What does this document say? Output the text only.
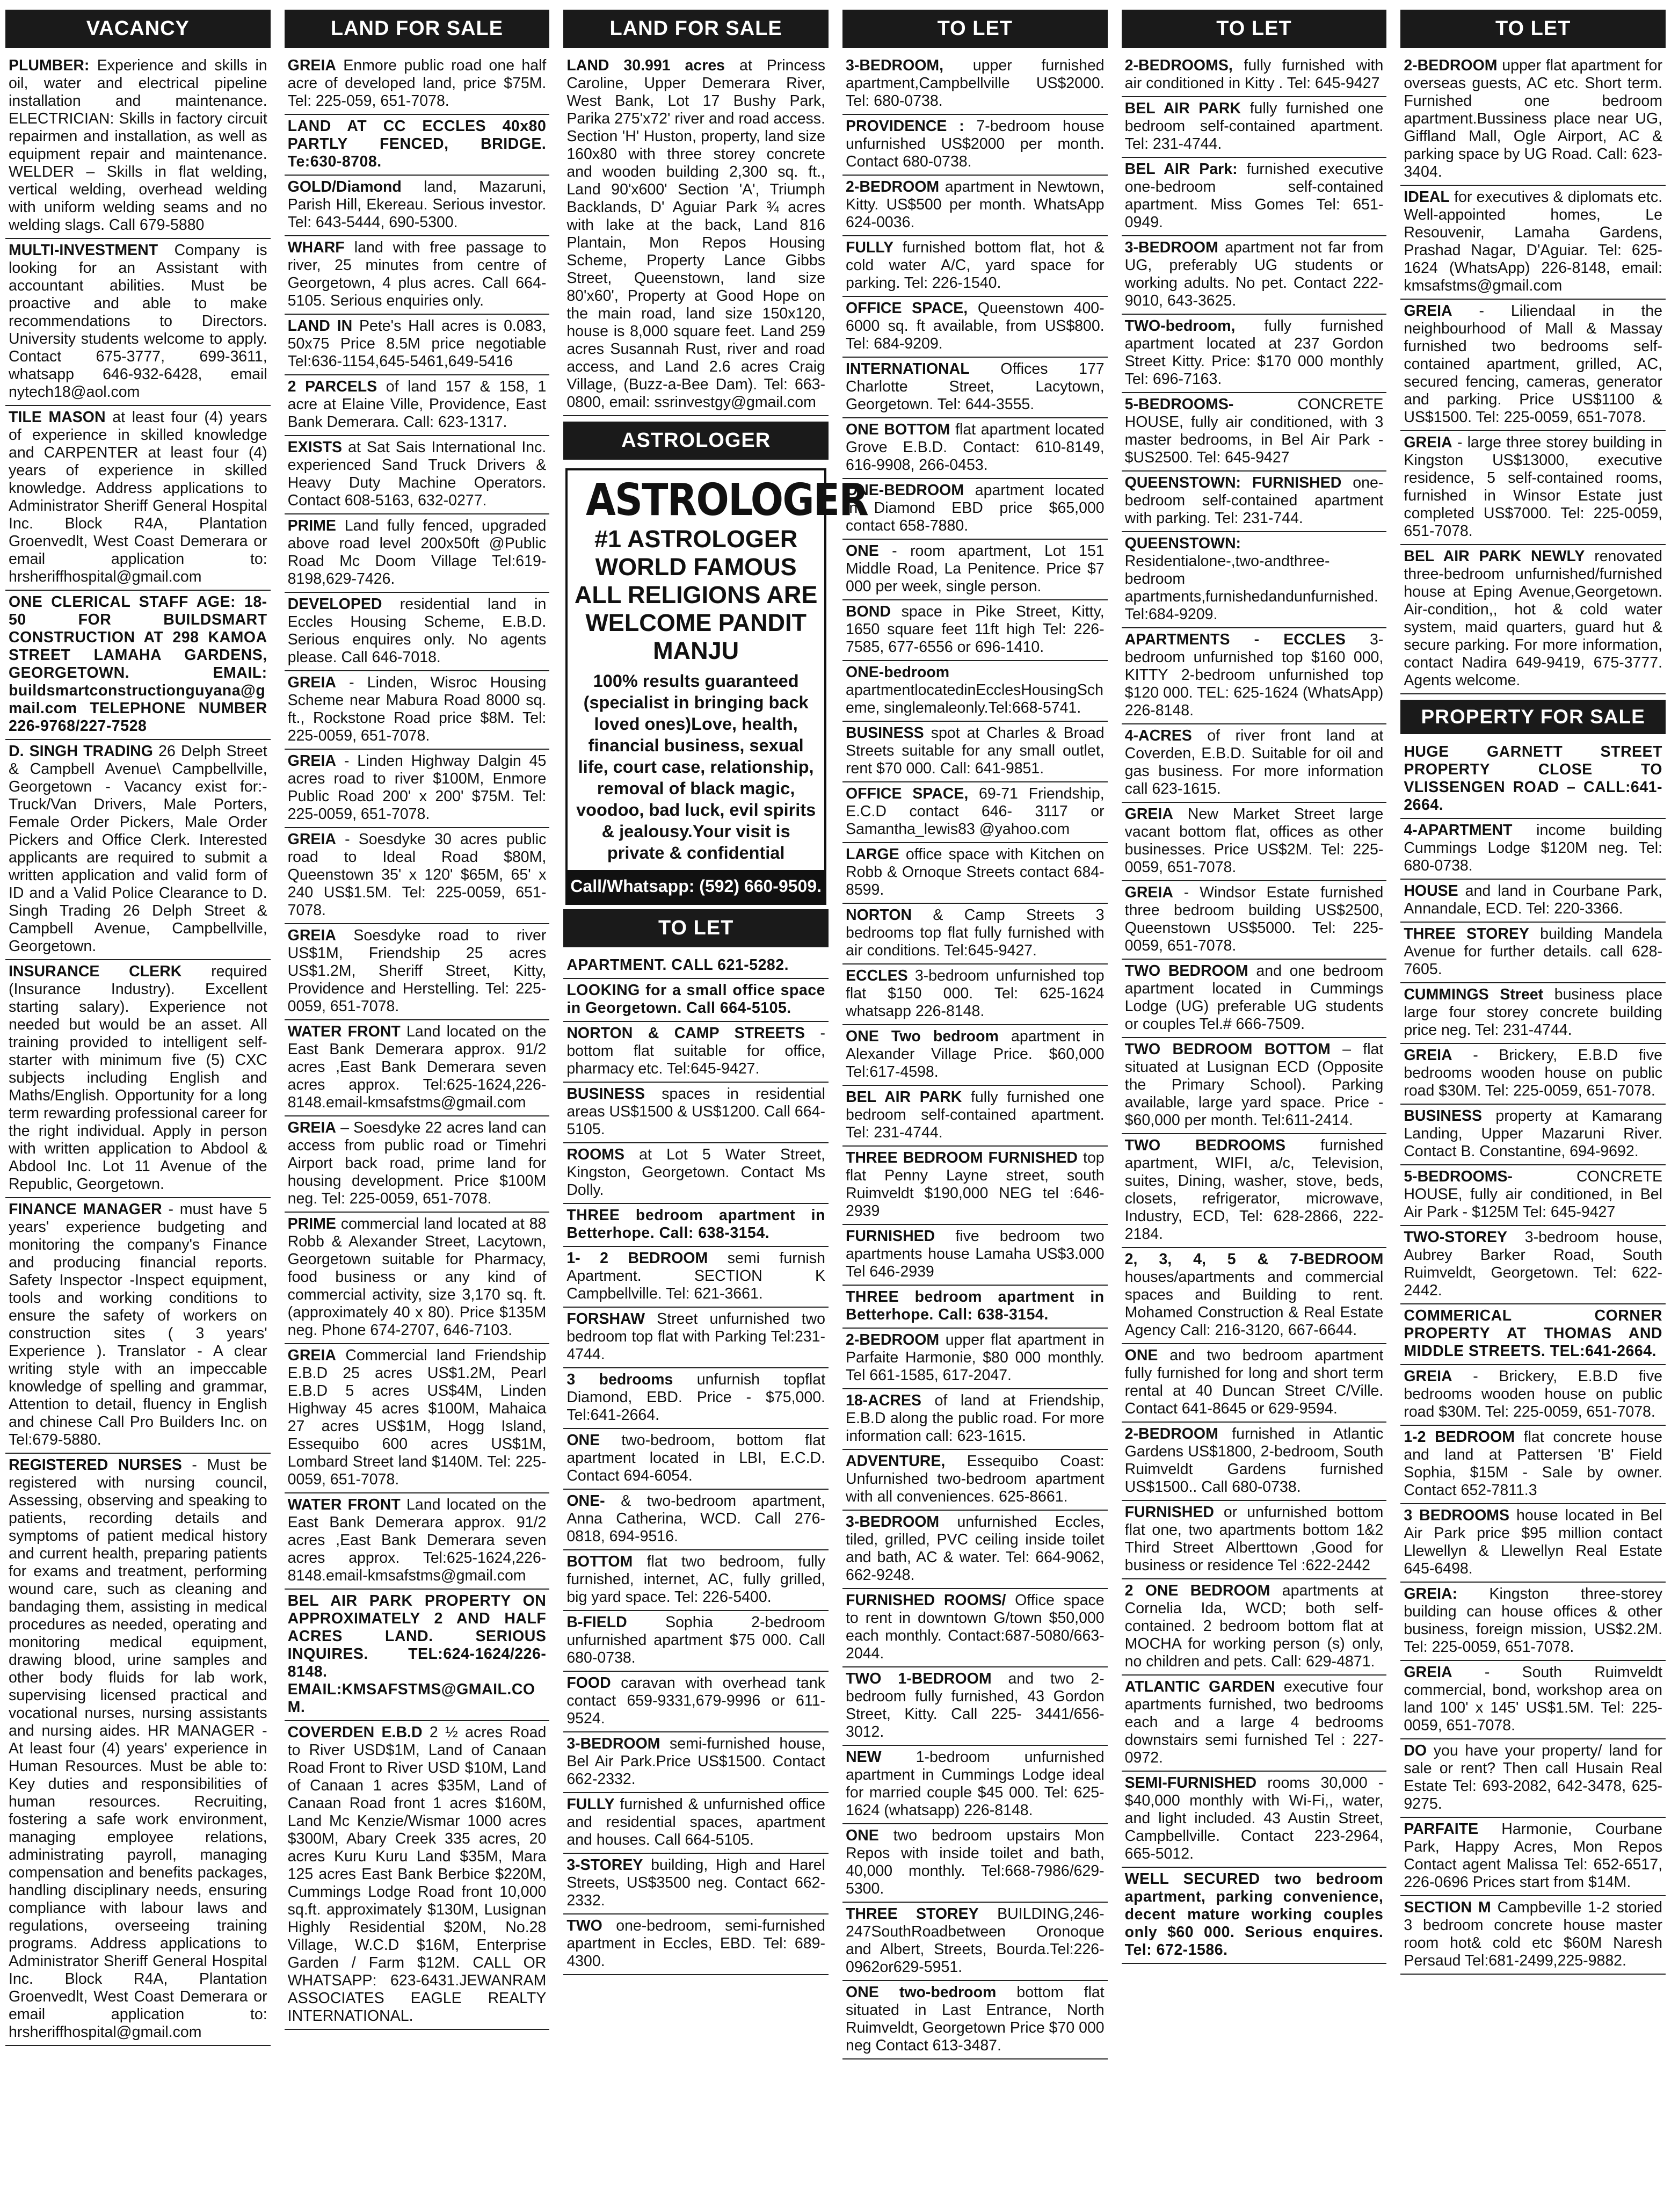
VACANCY
PLUMBER: Experience and skills in oil, water and electrical pipeline installation and maintenance. ELECTRICIAN: Skills in factory circuit repairmen and installation, as well as equipment repair and maintenance. WELDER – Skills in flat welding, vertical welding, overhead welding with uniform welding seams and no welding slags. Call 679-5880
MULTI-INVESTMENT Company is looking for an Assistant with accountant abilities. Must be proactive and able to make recommendations to Directors. University students welcome to apply. Contact 675-3777, 699-3611, whatsapp 646-932-6428, email nytech18@aol.com
TILE MASON at least four (4) years of experience in skilled knowledge and CARPENTER at least four (4) years of experience in skilled knowledge. Address applications to Administrator Sheriff General Hospital Inc. Block R4A, Plantation Groenvedlt, West Coast Demerara or email application to: hrsheriffhospital@gmail.com
ONE CLERICAL STAFF AGE: 18-50 FOR BUILDSMART CONSTRUCTION AT 298 KAMOA STREET LAMAHA GARDENS, GEORGETOWN. EMAIL: buildsmartconstructionguyana@gmail.com TELEPHONE NUMBER 226-9768/227-7528
D. SINGH TRADING 26 Delph Street & Campbell Avenue\ Campbellville, Georgetown - Vacancy exist for:-Truck/Van Drivers, Male Porters, Female Order Pickers, Male Order Pickers and Office Clerk. Interested applicants are required to submit a written application and valid form of ID and a Valid Police Clearance to D. Singh Trading 26 Delph Street & Campbell Avenue, Campbellville, Georgetown.
INSURANCE CLERK required (Insurance Industry). Excellent starting salary). Experience not needed but would be an asset. All training provided to intelligent self-starter with minimum five (5) CXC subjects including English and Maths/English. Opportunity for a long term rewarding professional career for the right individual. Apply in person with written application to Abdool & Abdool Inc. Lot 11 Avenue of the Republic, Georgetown.
FINANCE MANAGER - must have 5 years' experience budgeting and monitoring the company's Finance and producing financial reports. Safety Inspector -Inspect equipment, tools and working conditions to ensure the safety of workers on construction sites ( 3 years' Experience ). Translator - A clear writing style with an impeccable knowledge of spelling and grammar, Attention to detail, fluency in English and chinese Call Pro Builders Inc. on Tel:679-5880.
REGISTERED NURSES - Must be registered with nursing council, Assessing, observing and speaking to patients, recording details and symptoms of patient medical history and current health, preparing patients for exams and treatment, performing wound care, such as cleaning and bandaging them, assisting in medical procedures as needed, operating and monitoring medical equipment, drawing blood, urine samples and other body fluids for lab work, supervising licensed practical and vocational nurses, nursing assistants and nursing aides. HR MANAGER - At least four (4) years' experience in Human Resources. Must be able to: Key duties and responsibilities of human resources. Recruiting, fostering a safe work environment, managing employee relations, administrating payroll, managing compensation and benefits packages, handling disciplinary needs, ensuring compliance with labour laws and regulations, overseeing training programs. Address applications to Administrator Sheriff General Hospital Inc. Block R4A, Plantation Groenvedlt, West Coast Demerara or email application to: hrsheriffhospital@gmail.com
LAND FOR SALE
GREIA Enmore public road one half acre of developed land, price $75M. Tel: 225-059, 651-7078.
LAND AT CC ECCLES 40x80 PARTLY FENCED, BRIDGE. Te:630-8708.
GOLD/Diamond land, Mazaruni, Parish Hill, Ekereau. Serious investor. Tel: 643-5444, 690-5300.
WHARF land with free passage to river, 25 minutes from centre of Georgetown, 4 plus acres. Call 664-5105. Serious enquiries only.
LAND IN Pete's Hall acres is 0.083, 50x75 Price 8.5M price negotiable Tel:636-1154,645-5461,649-5416
2 PARCELS of land 157 & 158, 1 acre at Elaine Ville, Providence, East Bank Demerara. Call: 623-1317.
EXISTS at Sat Sais International Inc. experienced Sand Truck Drivers & Heavy Duty Machine Operators. Contact 608-5163, 632-0277.
PRIME Land fully fenced, upgraded above road level 200x50ft @Public Road Mc Doom Village Tel:619-8198,629-7426.
DEVELOPED residential land in Eccles Housing Scheme, E.B.D. Serious enquires only. No agents please. Call 646-7018.
GREIA - Linden, Wisroc Housing Scheme near Mabura Road 8000 sq. ft., Rockstone Road price $8M. Tel: 225-0059, 651-7078.
GREIA - Linden Highway Dalgin 45 acres road to river $100M, Enmore Public Road 200' x 200' $75M. Tel: 225-0059, 651-7078.
GREIA - Soesdyke 30 acres public road to Ideal Road $80M, Queenstown 35' x 120' $65M, 65' x 240 US$1.5M. Tel: 225-0059, 651-7078.
GREIA Soesdyke road to river US$1M, Friendship 25 acres US$1.2M, Sheriff Street, Kitty, Providence and Herstelling. Tel: 225-0059, 651-7078.
WATER FRONT Land located on the East Bank Demerara approx. 91/2 acres ,East Bank Demerara seven acres approx. Tel:625-1624,226-8148.email-kmsafstms@gmail.com
GREIA – Soesdyke 22 acres land can access from public road or Timehri Airport back road, prime land for housing development. Price $100M neg. Tel: 225-0059, 651-7078.
PRIME commercial land located at 88 Robb & Alexander Street, Lacytown, Georgetown suitable for Pharmacy, food business or any kind of commercial activity, size 3,170 sq. ft. (approximately 40 x 80). Price $135M neg. Phone 674-2707, 646-7103.
GREIA Commercial land Friendship E.B.D 25 acres US$1.2M, Pearl E.B.D 5 acres US$4M, Linden Highway 45 acres $100M, Mahaica 27 acres US$1M, Hogg Island, Essequibo 600 acres US$1M, Lombard Street land $140M. Tel: 225-0059, 651-7078.
WATER FRONT Land located on the East Bank Demerara approx. 91/2 acres ,East Bank Demerara seven acres approx. Tel:625-1624,226-8148.email-kmsafstms@gmail.com
BEL AIR PARK PROPERTY ON APPROXIMATELY 2 AND HALF ACRES LAND. SERIOUS INQUIRES. TEL:624-1624/226-8148. EMAIL:KMSAFSTMS@GMAIL.COM.
COVERDEN E.B.D 2 ½ acres Road to River USD$1M, Land of Canaan Road Front to River USD $10M, Land of Canaan 1 acres $35M, Land of Canaan Road front 1 acres $160M, Land Mc Kenzie/Wismar 1000 acres $300M, Abary Creek 335 acres, 20 acres Kuru Kuru Land $35M, Mara 125 acres East Bank Berbice $220M, Cummings Lodge Road front 10,000 sq.ft. approximately $130M, Lusignan Highly Residential $20M, No.28 Village, W.C.D $16M, Enterprise Garden / Farm $12M. CALL OR WHATSAPP: 623-6431.JEWANRAM ASSOCIATES EAGLE REALTY INTERNATIONAL.
LAND FOR SALE
LAND 30.991 acres at Princess Caroline, Upper Demerara River, West Bank, Lot 17 Bushy Park, Parika 275'x72' river and road access. Section 'H' Huston, property, land size 160x80 with three storey concrete and wooden building 2,300 sq. ft., Land 90'x600' Section 'A', Triumph Backlands, D' Aguiar Park ¾ acres with lake at the back, Land 816 Plantain, Mon Repos Housing Scheme, Property Lance Gibbs Street, Queenstown, land size 80'x60', Property at Good Hope on the main road, land size 150x120, house is 8,000 square feet. Land 259 acres Susannah Rust, river and road access, and Land 2.6 acres Craig Village, (Buzz-a-Bee Dam). Tel: 663-0800, email: ssrinvestgy@gmail.com
ASTROLOGER
ASTROLOGER
#1 ASTROLOGER WORLD FAMOUS ALL RELIGIONS ARE WELCOME PANDIT MANJU
100% results guaranteed (specialist in bringing back loved ones)Love, health, financial business, sexual life, court case, relationship, removal of black magic, voodoo, bad luck, evil spirits & jealousy.Your visit is private & confidential
Call/Whatsapp: (592) 660-9509.
TO LET
APARTMENT. CALL 621-5282.
LOOKING for a small office space in Georgetown. Call 664-5105.
NORTON & CAMP STREETS - bottom flat suitable for office, pharmacy etc. Tel:645-9427.
BUSINESS spaces in residential areas US$1500 & US$1200. Call 664-5105.
ROOMS at Lot 5 Water Street, Kingston, Georgetown. Contact Ms Dolly.
THREE bedroom apartment in Betterhope. Call: 638-3154.
1- 2 BEDROOM semi furnish Apartment. SECTION K Campbellville. Tel: 621-3661.
FORSHAW Street unfurnished two bedroom top flat with Parking Tel:231-4744.
3 bedrooms unfurnish topflat Diamond, EBD. Price - $75,000. Tel:641-2664.
ONE two-bedroom, bottom flat apartment located in LBI, E.C.D. Contact 694-6054.
ONE- & two-bedroom apartment, Anna Catherina, WCD. Call 276-0818, 694-9516.
BOTTOM flat two bedroom, fully furnished, internet, AC, fully grilled, big yard space. Tel: 226-5400.
B-FIELD Sophia 2-bedroom unfurnished apartment $75 000. Call 680-0738.
FOOD caravan with overhead tank contact 659-9331,679-9996 or 611-9524.
3-BEDROOM semi-furnished house, Bel Air Park.Price US$1500. Contact 662-2332.
FULLY furnished & unfurnished office and residential spaces, apartment and houses. Call 664-5105.
3-STOREY building, High and Harel Streets, US$3500 neg. Contact 662-2332.
TWO one-bedroom, semi-furnished apartment in Eccles, EBD. Tel: 689-4300.
TO LET
3-BEDROOM, upper furnished apartment,Campbellville US$2000. Tel: 680-0738.
PROVIDENCE : 7-bedroom house unfurnished US$2000 per month. Contact 680-0738.
2-BEDROOM apartment in Newtown, Kitty. US$500 per month. WhatsApp 624-0036.
FULLY furnished bottom flat, hot & cold water A/C, yard space for parking. Tel: 226-1540.
OFFICE SPACE, Queenstown 400-6000 sq. ft available, from US$800. Tel: 684-9209.
INTERNATIONAL Offices 177 Charlotte Street, Lacytown, Georgetown. Tel: 644-3555.
ONE BOTTOM flat apartment located Grove E.B.D. Contact: 610-8149, 616-9908, 266-0453.
ONE-BEDROOM apartment located in Diamond EBD price $65,000 contact 658-7880.
ONE - room apartment, Lot 151 Middle Road, La Penitence. Price $7 000 per week, single person.
BOND space in Pike Street, Kitty, 1650 square feet 11ft high Tel: 226-7585, 677-6556 or 696-1410.
ONE-bedroom apartmentlocatedinEcclesHousingScheme, singlemaleonly.Tel:668-5741.
BUSINESS spot at Charles & Broad Streets suitable for any small outlet, rent $70 000. Call: 641-9851.
OFFICE SPACE, 69-71 Friendship, E.C.D contact 646- 3117 or Samantha_lewis83 @yahoo.com
LARGE office space with Kitchen on Robb & Ornoque Streets contact 684-8599.
NORTON & Camp Streets 3 bedrooms top flat fully furnished with air conditions. Tel:645-9427.
ECCLES 3-bedroom unfurnished top flat $150 000. Tel: 625-1624 whatsapp 226-8148.
ONE Two bedroom apartment in Alexander Village Price. $60,000 Tel:617-4598.
BEL AIR PARK fully furnished one bedroom self-contained apartment. Tel: 231-4744.
THREE BEDROOM FURNISHED top flat Penny Layne street, south Ruimveldt $190,000 NEG tel :646-2939
FURNISHED five bedroom two apartments house Lamaha US$3.000 Tel 646-2939
THREE bedroom apartment in Betterhope. Call: 638-3154.
2-BEDROOM upper flat apartment in Parfaite Harmonie, $80 000 monthly. Tel 661-1585, 617-2047.
18-ACRES of land at Friendship, E.B.D along the public road. For more information call: 623-1615.
ADVENTURE, Essequibo Coast: Unfurnished two-bedroom apartment with all conveniences. 625-8661.
3-BEDROOM unfurnished Eccles, tiled, grilled, PVC ceiling inside toilet and bath, AC & water. Tel: 664-9062, 662-9248.
FURNISHED ROOMS/ Office space to rent in downtown G/town $50,000 each monthly. Contact:687-5080/663-2044.
TWO 1-BEDROOM and two 2-bedroom fully furnished, 43 Gordon Street, Kitty. Call 225- 3441/656-3012.
NEW 1-bedroom unfurnished apartment in Cummings Lodge ideal for married couple $45 000. Tel: 625-1624 (whatsapp) 226-8148.
ONE two bedroom upstairs Mon Repos with inside toilet and bath, 40,000 monthly. Tel:668-7986/629-5300.
THREE STOREY BUILDING,246-247SouthRoadbetween Oronoque and Albert, Streets, Bourda.Tel:226-0962or629-5951.
ONE two-bedroom bottom flat situated in Last Entrance, North Ruimveldt, Georgetown Price $70 000 neg Contact 613-3487.
TO LET
2-BEDROOMS, fully furnished with air conditioned in Kitty . Tel: 645-9427
BEL AIR PARK fully furnished one bedroom self-contained apartment. Tel: 231-4744.
BEL AIR Park: furnished executive one-bedroom self-contained apartment. Miss Gomes Tel: 651-0949.
3-BEDROOM apartment not far from UG, preferably UG students or working adults. No pet. Contact 222-9010, 643-3625.
TWO-bedroom, fully furnished apartment located at 237 Gordon Street Kitty. Price: $170 000 monthly Tel: 696-7163.
5-BEDROOMS- CONCRETE HOUSE, fully air conditioned, with 3 master bedrooms, in Bel Air Park - $US2500. Tel: 645-9427
QUEENSTOWN: FURNISHED one-bedroom self-contained apartment with parking. Tel: 231-744.
QUEENSTOWN: Residentialone-,two-andthree-bedroom apartments,furnishedandunfurnished.Tel:684-9209.
APARTMENTS - ECCLES 3-bedroom unfurnished top $160 000, KITTY 2-bedroom unfurnished top $120 000. TEL: 625-1624 (WhatsApp) 226-8148.
4-ACRES of river front land at Coverden, E.B.D. Suitable for oil and gas business. For more information call 623-1615.
GREIA New Market Street large vacant bottom flat, offices as other businesses. Price US$2M. Tel: 225-0059, 651-7078.
GREIA - Windsor Estate furnished three bedroom building US$2500, Queenstown US$5000. Tel: 225-0059, 651-7078.
TWO BEDROOM and one bedroom apartment located in Cummings Lodge (UG) preferable UG students or couples Tel.# 666-7509.
TWO BEDROOM BOTTOM – flat situated at Lusignan ECD (Opposite the Primary School). Parking available, large yard space. Price - $60,000 per month. Tel:611-2414.
TWO BEDROOMS furnished apartment, WIFI, a/c, Television, suites, Dining, washer, stove, beds, closets, refrigerator, microwave, Industry, ECD, Tel: 628-2866, 222-2184.
2, 3, 4, 5 & 7-BEDROOM houses/apartments and commercial spaces and Building to rent. Mohamed Construction & Real Estate Agency Call: 216-3120, 667-6644.
ONE and two bedroom apartment fully furnished for long and short term rental at 40 Duncan Street C/Ville. Contact 641-8645 or 629-9594.
2-BEDROOM furnished in Atlantic Gardens US$1800, 2-bedroom, South Ruimveldt Gardens furnished US$1500.. Call 680-0738.
FURNISHED or unfurnished bottom flat one, two apartments bottom 1&2 Third Street Alberttown ,Good for business or residence Tel :622-2442
2 ONE BEDROOM apartments at Cornelia Ida, WCD; both self-contained. 2 bedroom bottom flat at MOCHA for working person (s) only, no children and pets. Call: 629-4871.
ATLANTIC GARDEN executive four apartments furnished, two bedrooms each and a large 4 bedrooms downstairs semi furnished Tel : 227-0972.
SEMI-FURNISHED rooms 30,000 - $40,000 monthly with Wi-Fi,, water, and light included. 43 Austin Street, Campbellville. Contact 223-2964, 665-5012.
WELL SECURED two bedroom apartment, parking convenience, decent mature working couples only $60 000. Serious enquires. Tel: 672-1586.
TO LET
2-BEDROOM upper flat apartment for overseas guests, AC etc. Short term. Furnished one bedroom apartment.Bussiness place near UG, Giffland Mall, Ogle Airport, AC & parking space by UG Road. Call: 623-3404.
IDEAL for executives & diplomats etc. Well-appointed homes, Le Resouvenir, Lamaha Gardens, Prashad Nagar, D'Aguiar. Tel: 625-1624 (WhatsApp) 226-8148, email: kmsafstms@gmail.com
GREIA - Liliendaal in the neighbourhood of Mall & Massay furnished two bedrooms self-contained apartment, grilled, AC, secured fencing, cameras, generator and parking. Price US$1100 & US$1500. Tel: 225-0059, 651-7078.
GREIA - large three storey building in Kingston US$13000, executive residence, 5 self-contained rooms, furnished in Winsor Estate just completed US$7000. Tel: 225-0059, 651-7078.
BEL AIR PARK NEWLY renovated three-bedroom unfurnished/furnished house at Eping Avenue,Georgetown. Air-condition,, hot & cold water system, maid quarters, guard hut & secure parking. For more information, contact Nadira 649-9419, 675-3777. Agents welcome.
PROPERTY FOR SALE
HUGE GARNETT STREET PROPERTY CLOSE TO VLISSENGEN ROAD – CALL:641-2664.
4-APARTMENT income building Cummings Lodge $120M neg. Tel: 680-0738.
HOUSE and land in Courbane Park, Annandale, ECD. Tel: 220-3366.
THREE STOREY building Mandela Avenue for further details. call 628-7605.
CUMMINGS Street business place large four storey concrete building price neg. Tel: 231-4744.
GREIA - Brickery, E.B.D five bedrooms wooden house on public road $30M. Tel: 225-0059, 651-7078.
BUSINESS property at Kamarang Landing, Upper Mazaruni River. Contact B. Constantine, 694-9692.
5-BEDROOMS- CONCRETE HOUSE, fully air conditioned, in Bel Air Park - $125M Tel: 645-9427
TWO-STOREY 3-bedroom house, Aubrey Barker Road, South Ruimveldt, Georgetown. Tel: 622-2442.
COMMERICAL CORNER PROPERTY AT THOMAS AND MIDDLE STREETS. TEL:641-2664.
GREIA - Brickery, E.B.D five bedrooms wooden house on public road $30M. Tel: 225-0059, 651-7078.
1-2 BEDROOM flat concrete house and land at Pattersen 'B' Field Sophia, $15M - Sale by owner. Contact 652-7811.3
3 BEDROOMS house located in Bel Air Park price $95 million contact Llewellyn & Llewellyn Real Estate 645-6498.
GREIA: Kingston three-storey building can house offices & other business, foreign mission, US$2.2M. Tel: 225-0059, 651-7078.
GREIA - South Ruimveldt commercial, bond, workshop area on land 100' x 145' US$1.5M. Tel: 225-0059, 651-7078.
DO you have your property/ land for sale or rent? Then call Husain Real Estate Tel: 693-2082, 642-3478, 625-9275.
PARFAITE Harmonie, Courbane Park, Happy Acres, Mon Repos Contact agent Malissa Tel: 652-6517, 226-0696 Prices start from $14M.
SECTION M Campbeville 1-2 storied 3 bedroom concrete house master room hot& cold etc $60M Naresh Persaud Tel:681-2499,225-9882.
